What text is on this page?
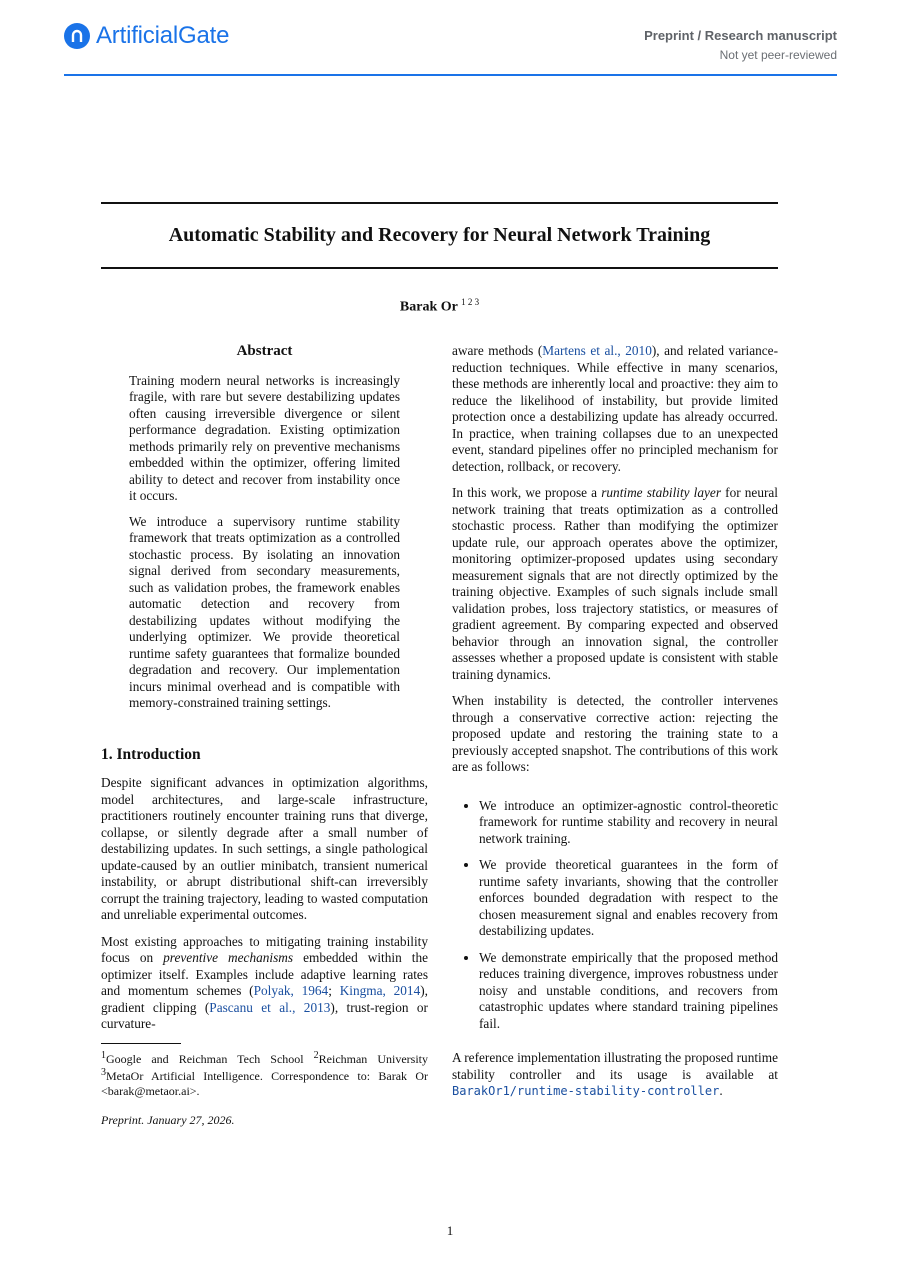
ArtificialGate	Preprint / Research manuscript
Not yet peer-reviewed
Automatic Stability and Recovery for Neural Network Training
Barak Or $^{1 2 3}$
Abstract

Training modern neural networks is increasingly fragile, with rare but severe destabilizing updates often causing irreversible divergence or silent performance degradation. Existing optimization methods primarily rely on preventive mechanisms embedded within the optimizer, offering limited ability to detect and recover from instability once it occurs.

We introduce a supervisory runtime stability framework that treats optimization as a controlled stochastic process. By isolating an innovation signal derived from secondary measurements, such as validation probes, the framework enables automatic detection and recovery from destabilizing updates without modifying the underlying optimizer. We provide theoretical runtime safety guarantees that formalize bounded degradation and recovery. Our implementation incurs minimal overhead and is compatible with memory-constrained training settings.

1. Introduction

Despite significant advances in optimization algorithms, model architectures, and large-scale infrastructure, practitioners routinely encounter training runs that diverge, collapse, or silently degrade after a small number of destabilizing updates. In such settings, a single pathological update-caused by an outlier minibatch, transient numerical instability, or abrupt distributional shift-can irreversibly corrupt the training trajectory, leading to wasted computation and unreliable experimental outcomes.

Most existing approaches to mitigating training instability focus on preventive mechanisms embedded within the optimizer itself. Examples include adaptive learning rates and momentum schemes (Polyak, 1964; Kingma, 2014), gradient clipping (Pascanu et al., 2013), trust-region or curvature-

$^1$Google and Reichman Tech School $^2$Reichman University $^3$MetaOr Artificial Intelligence. Correspondence to: Barak Or <barak@metaor.ai>.
Preprint. January 27, 2026.

aware methods (Martens et al., 2010), and related variance-reduction techniques. While effective in many scenarios, these methods are inherently local and proactive: they aim to reduce the likelihood of instability, but provide limited protection once a destabilizing update has already occurred. In practice, when training collapses due to an unexpected event, standard pipelines offer no principled mechanism for detection, rollback, or recovery.

In this work, we propose a runtime stability layer for neural network training that treats optimization as a controlled stochastic process. Rather than modifying the optimizer update rule, our approach operates above the optimizer, monitoring optimizer-proposed updates using secondary measurement signals that are not directly optimized by the training objective. Examples of such signals include small validation probes, loss trajectory statistics, or measures of gradient agreement. By comparing expected and observed behavior through an innovation signal, the controller assesses whether a proposed update is consistent with stable training dynamics.

When instability is detected, the controller intervenes through a conservative corrective action: rejecting the proposed update and restoring the training state to a previously accepted snapshot. The contributions of this work are as follows:

• We introduce an optimizer-agnostic control-theoretic framework for runtime stability and recovery in neural network training.
• We provide theoretical guarantees in the form of runtime safety invariants, showing that the controller enforces bounded degradation with respect to the chosen measurement signal and enables recovery from destabilizing updates.
• We demonstrate empirically that the proposed method reduces training divergence, improves robustness under noisy and unstable conditions, and recovers from catastrophic updates where standard training pipelines fail.

A reference implementation illustrating the proposed runtime stability controller and its usage is available at BarakOr1/runtime-stability-controller.

1
